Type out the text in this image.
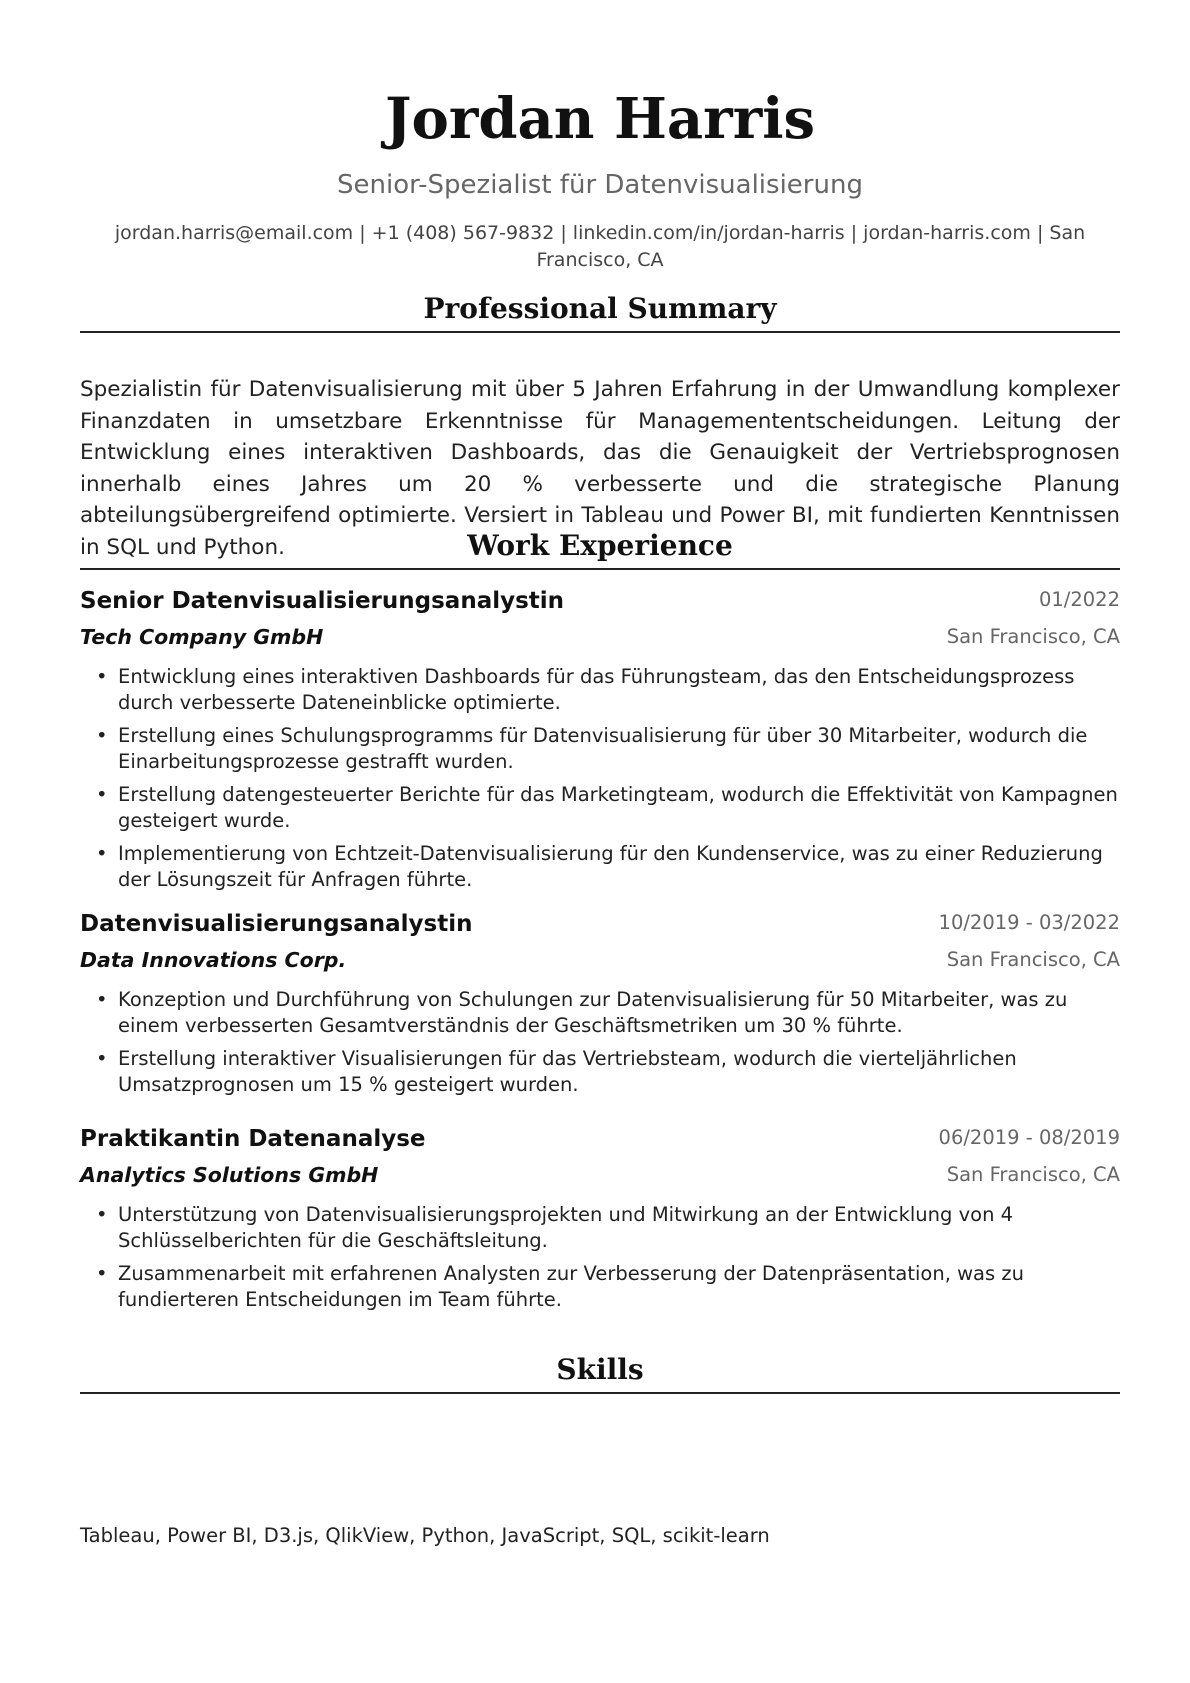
Jordan Harris
Senior-Spezialist für Datenvisualisierung
jordan.harris@email.com | +1 (408) 567-9832 | linkedin.com/in/jordan-harris | jordan-harris.com | San Francisco, CA
Professional Summary
Spezialistin für Datenvisualisierung mit über 5 Jahren Erfahrung in der Umwandlung komplexer Finanzdaten in umsetzbare Erkenntnisse für Managemententscheidungen. Leitung der Entwicklung eines interaktiven Dashboards, das die Genauigkeit der Vertriebsprognosen innerhalb eines Jahres um 20 % verbesserte und die strategische Planung abteilungsübergreifend optimierte. Versiert in Tableau und Power BI, mit fundierten Kenntnissen in SQL und Python.	Work Experience
Senior Datenvisualisierungsanalystin	01/2022
Tech Company GmbH	San Francisco, CA
• Entwicklung eines interaktiven Dashboards für das Führungsteam, das den Entscheidungsprozess durch verbesserte Dateneinblicke optimierte.
• Erstellung eines Schulungsprogramms für Datenvisualisierung für über 30 Mitarbeiter, wodurch die Einarbeitungsprozesse gestrafft wurden.
• Erstellung datengesteuerter Berichte für das Marketingteam, wodurch die Effektivität von Kampagnen gesteigert wurde.
• Implementierung von Echtzeit-Datenvisualisierung für den Kundenservice, was zu einer Reduzierung der Lösungszeit für Anfragen führte.
Datenvisualisierungsanalystin	10/2019 - 03/2022
Data Innovations Corp.	San Francisco, CA
• Konzeption und Durchführung von Schulungen zur Datenvisualisierung für 50 Mitarbeiter, was zu einem verbesserten Gesamtverständnis der Geschäftsmetriken um 30 % führte.
• Erstellung interaktiver Visualisierungen für das Vertriebsteam, wodurch die vierteljährlichen Umsatzprognosen um 15 % gesteigert wurden.
Praktikantin Datenanalyse	06/2019 - 08/2019
Analytics Solutions GmbH	San Francisco, CA
• Unterstützung von Datenvisualisierungsprojekten und Mitwirkung an der Entwicklung von 4 Schlüsselberichten für die Geschäftsleitung.
• Zusammenarbeit mit erfahrenen Analysten zur Verbesserung der Datenpräsentation, was zu fundierteren Entscheidungen im Team führte.
Skills
Tableau, Power BI, D3.js, QlikView, Python, JavaScript, SQL, scikit-learn
